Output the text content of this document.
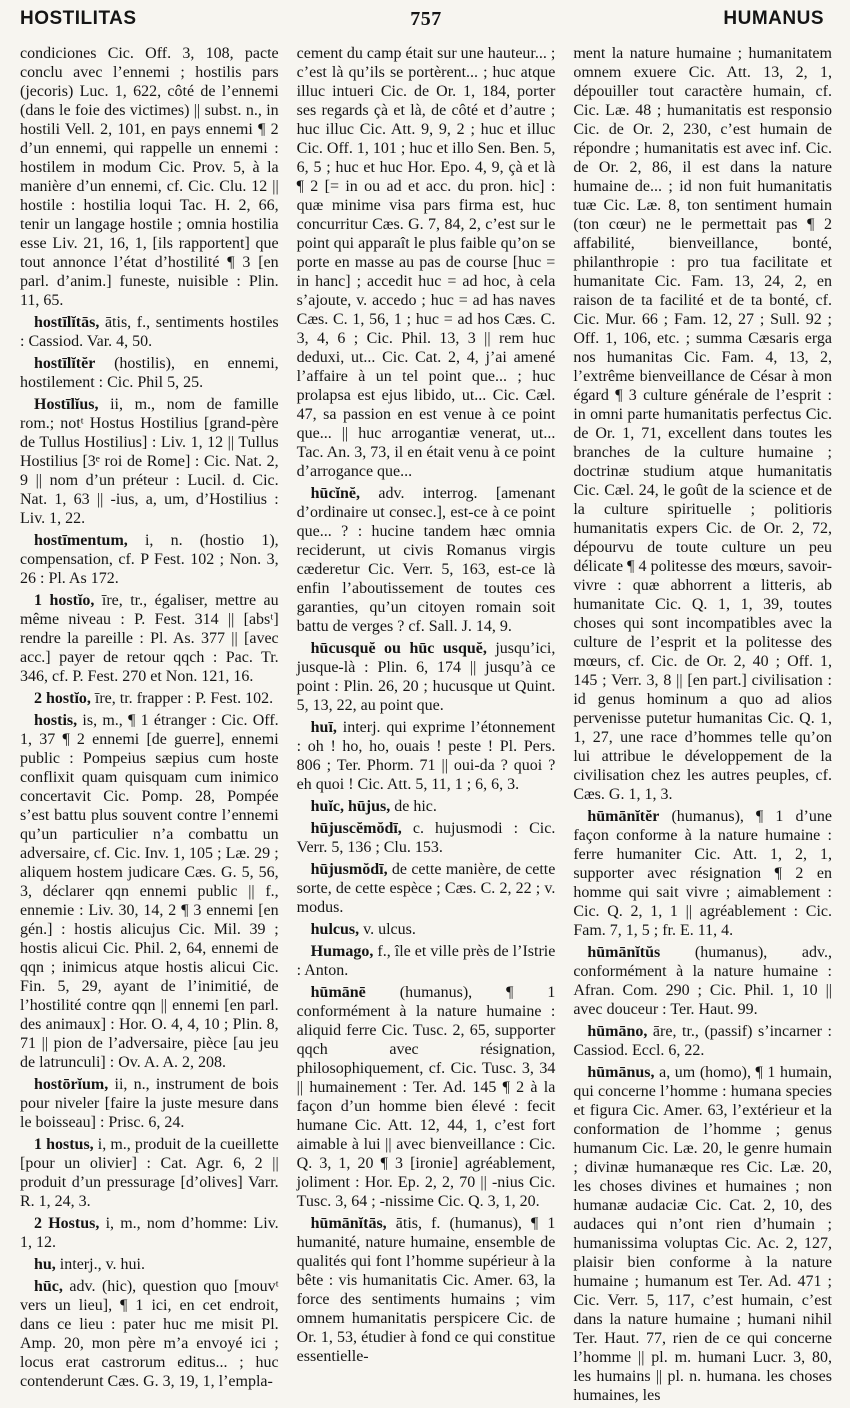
HOSTILITAS	757	HUMANUS

condiciones Cic. Off. 3, 108, pacte conclu avec l’ennemi ; hostilis pars (jecoris) Luc. 1, 622, côté de l’ennemi (dans le foie des victimes) || subst. n., in hostili Vell. 2, 101, en pays ennemi ¶ 2 d’un ennemi, qui rappelle un ennemi : hostilem in modum Cic. Prov. 5, à la manière d’un ennemi, cf. Cic. Clu. 12 || hostile : hostilia loqui Tac. H. 2, 66, tenir un langage hostile ; omnia hostilia esse Liv. 21, 16, 1, [ils rapportent] que tout annonce l’état d’hostilité ¶ 3 [en parl. d’anim.] funeste, nuisible : Plin. 11, 65.

hostīlĭtās, ātis, f., sentiments hostiles : Cassiod. Var. 4, 50.

hostīlĭtĕr (hostilis), en ennemi, hostilement : Cic. Phil 5, 25.

Hostīlĭus, ii, m., nom de famille rom.; notᵗ Hostus Hostilius [grand-père de Tullus Hostilius] : Liv. 1, 12 || Tullus Hostilius [3ᵉ roi de Rome] : Cic. Nat. 2, 9 || nom d’un préteur : Lucil. d. Cic. Nat. 1, 63 || -ius, a, um, d’Hostilius : Liv. 1, 22.

hostīmentum, i, n. (hostio 1), compensation, cf. P Fest. 102 ; Non. 3, 26 : Pl. As 172.

1 hostĭo, īre, tr., égaliser, mettre au même niveau : P. Fest. 314 || [absᵗ] rendre la pareille : Pl. As. 377 || [avec acc.] payer de retour qqch : Pac. Tr. 346, cf. P. Fest. 270 et Non. 121, 16.

2 hostĭo, īre, tr. frapper : P. Fest. 102.

hostis, is, m., ¶ 1 étranger : Cic. Off. 1, 37 ¶ 2 ennemi [de guerre], ennemi public : Pompeius sæpius cum hoste conflixit quam quisquam cum inimico concertavit Cic. Pomp. 28, Pompée s’est battu plus souvent contre l’ennemi qu’un particulier n’a combattu un adversaire, cf. Cic. Inv. 1, 105 ; Læ. 29 ; aliquem hostem judicare Cæs. G. 5, 56, 3, déclarer qqn ennemi public || f., ennemie : Liv. 30, 14, 2 ¶ 3 ennemi [en gén.] : hostis alicujus Cic. Mil. 39 ; hostis alicui Cic. Phil. 2, 64, ennemi de qqn ; inimicus atque hostis alicui Cic. Fin. 5, 29, ayant de l’inimitié, de l’hostilité contre qqn || ennemi [en parl. des animaux] : Hor. O. 4, 4, 10 ; Plin. 8, 71 || pion de l’adversaire, pièce [au jeu de latrunculi] : Ov. A. A. 2, 208.

hostōrĭum, ii, n., instrument de bois pour niveler [faire la juste mesure dans le boisseau] : Prisc. 6, 24.

1 hostus, i, m., produit de la cueillette [pour un olivier] : Cat. Agr. 6, 2 || produit d’un pressurage [d’olives] Varr. R. 1, 24, 3.

2 Hostus, i, m., nom d’homme: Liv. 1, 12.

hu, interj., v. hui.

hūc, adv. (hic), question quo [mouvᵗ vers un lieu], ¶ 1 ici, en cet endroit, dans ce lieu : pater huc me misit Pl. Amp. 20, mon père m’a envoyé ici ; locus erat castrorum editus... ; huc contenderunt Cæs. G. 3, 19, 1, l’empla-

cement du camp était sur une hauteur... ; c’est là qu’ils se portèrent... ; huc atque illuc intueri Cic. de Or. 1, 184, porter ses regards çà et là, de côté et d’autre ; huc illuc Cic. Att. 9, 9, 2 ; huc et illuc Cic. Off. 1, 101 ; huc et illo Sen. Ben. 5, 6, 5 ; huc et huc Hor. Epo. 4, 9, çà et là ¶ 2 [= in ou ad et acc. du pron. hic] : quæ minime visa pars firma est, huc concurritur Cæs. G. 7, 84, 2, c’est sur le point qui apparaît le plus faible qu’on se porte en masse au pas de course [huc = in hanc] ; accedit huc = ad hoc, à cela s’ajoute, v. accedo ; huc = ad has naves Cæs. C. 1, 56, 1 ; huc = ad hos Cæs. C. 3, 4, 6 ; Cic. Phil. 13, 3 || rem huc deduxi, ut... Cic. Cat. 2, 4, j’ai amené l’affaire à un tel point que... ; huc prolapsa est ejus libido, ut... Cic. Cæl. 47, sa passion en est venue à ce point que... || huc arrogantiæ venerat, ut... Tac. An. 3, 73, il en était venu à ce point d’arrogance que...

hūcĭnĕ, adv. interrog. [amenant d’ordinaire ut consec.], est-ce à ce point que... ? : hucine tandem hæc omnia reciderunt, ut civis Romanus virgis cæderetur Cic. Verr. 5, 163, est-ce là enfin l’aboutissement de toutes ces garanties, qu’un citoyen romain soit battu de verges ? cf. Sall. J. 14, 9.

hūcusquĕ ou hūc usquĕ, jusqu’ici, jusque-là : Plin. 6, 174 || jusqu’à ce point : Plin. 26, 20 ; hucusque ut Quint. 5, 13, 22, au point que.

huī, interj. qui exprime l’étonnement : oh ! ho, ho, ouais ! peste ! Pl. Pers. 806 ; Ter. Phorm. 71 || oui-da ? quoi ? eh quoi ! Cic. Att. 5, 11, 1 ; 6, 6, 3.

huĭc, hūjus, de hic.

hūjuscĕmŏdī, c. hujusmodi : Cic. Verr. 5, 136 ; Clu. 153.

hūjusmŏdī, de cette manière, de cette sorte, de cette espèce ; Cæs. C. 2, 22 ; v. modus.

hulcus, v. ulcus.

Humago, f., île et ville près de l’Istrie : Anton.

hūmānē (humanus), ¶ 1 conformément à la nature humaine : aliquid ferre Cic. Tusc. 2, 65, supporter qqch avec résignation, philosophiquement, cf. Cic. Tusc. 3, 34 || humainement : Ter. Ad. 145 ¶ 2 à la façon d’un homme bien élevé : fecit humane Cic. Att. 12, 44, 1, c’est fort aimable à lui || avec bienveillance : Cic. Q. 3, 1, 20 ¶ 3 [ironie] agréablement, joliment : Hor. Ep. 2, 2, 70 || -nius Cic. Tusc. 3, 64 ; -nissime Cic. Q. 3, 1, 20.

hūmānĭtās, ātis, f. (humanus), ¶ 1 humanité, nature humaine, ensemble de qualités qui font l’homme supérieur à la bête : vis humanitatis Cic. Amer. 63, la force des sentiments humains ; vim omnem humanitatis perspicere Cic. de Or. 1, 53, étudier à fond ce qui constitue essentielle-

ment la nature humaine ; humanitatem omnem exuere Cic. Att. 13, 2, 1, dépouiller tout caractère humain, cf. Cic. Læ. 48 ; humanitatis est responsio Cic. de Or. 2, 230, c’est humain de répondre ; humanitatis est avec inf. Cic. de Or. 2, 86, il est dans la nature humaine de... ; id non fuit humanitatis tuæ Cic. Læ. 8, ton sentiment humain (ton cœur) ne le permettait pas ¶ 2 affabilité, bienveillance, bonté, philanthropie : pro tua facilitate et humanitate Cic. Fam. 13, 24, 2, en raison de ta facilité et de ta bonté, cf. Cic. Mur. 66 ; Fam. 12, 27 ; Sull. 92 ; Off. 1, 106, etc. ; summa Cæsaris erga nos humanitas Cic. Fam. 4, 13, 2, l’extrême bienveillance de César à mon égard ¶ 3 culture générale de l’esprit : in omni parte humanitatis perfectus Cic. de Or. 1, 71, excellent dans toutes les branches de la culture humaine ; doctrinæ studium atque humanitatis Cic. Cæl. 24, le goût de la science et de la culture spirituelle ; politioris humanitatis expers Cic. de Or. 2, 72, dépourvu de toute culture un peu délicate ¶ 4 politesse des mœurs, savoir-vivre : quæ abhorrent a litteris, ab humanitate Cic. Q. 1, 1, 39, toutes choses qui sont incompatibles avec la culture de l’esprit et la politesse des mœurs, cf. Cic. de Or. 2, 40 ; Off. 1, 145 ; Verr. 3, 8 || [en part.] civilisation : id genus hominum a quo ad alios pervenisse putetur humanitas Cic. Q. 1, 1, 27, une race d’hommes telle qu’on lui attribue le développement de la civilisation chez les autres peuples, cf. Cæs. G. 1, 1, 3.

hūmānĭtĕr (humanus), ¶ 1 d’une façon conforme à la nature humaine : ferre humaniter Cic. Att. 1, 2, 1, supporter avec résignation ¶ 2 en homme qui sait vivre ; aimablement : Cic. Q. 2, 1, 1 || agréablement : Cic. Fam. 7, 1, 5 ; fr. E. 11, 4.

hūmānĭtŭs (humanus), adv., conformément à la nature humaine : Afran. Com. 290 ; Cic. Phil. 1, 10 || avec douceur : Ter. Haut. 99.

hūmāno, āre, tr., (passif) s’incarner : Cassiod. Eccl. 6, 22.

hūmānus, a, um (homo), ¶ 1 humain, qui concerne l’homme : humana species et figura Cic. Amer. 63, l’extérieur et la conformation de l’homme ; genus humanum Cic. Læ. 20, le genre humain ; divinæ humanæque res Cic. Læ. 20, les choses divines et humaines ; non humanæ audaciæ Cic. Cat. 2, 10, des audaces qui n’ont rien d’humain ; humanissima voluptas Cic. Ac. 2, 127, plaisir bien conforme à la nature humaine ; humanum est Ter. Ad. 471 ; Cic. Verr. 5, 117, c’est humain, c’est dans la nature humaine ; humani nihil Ter. Haut. 77, rien de ce qui concerne l’homme || pl. m. humani Lucr. 3, 80, les humains || pl. n. humana. les choses humaines, les
